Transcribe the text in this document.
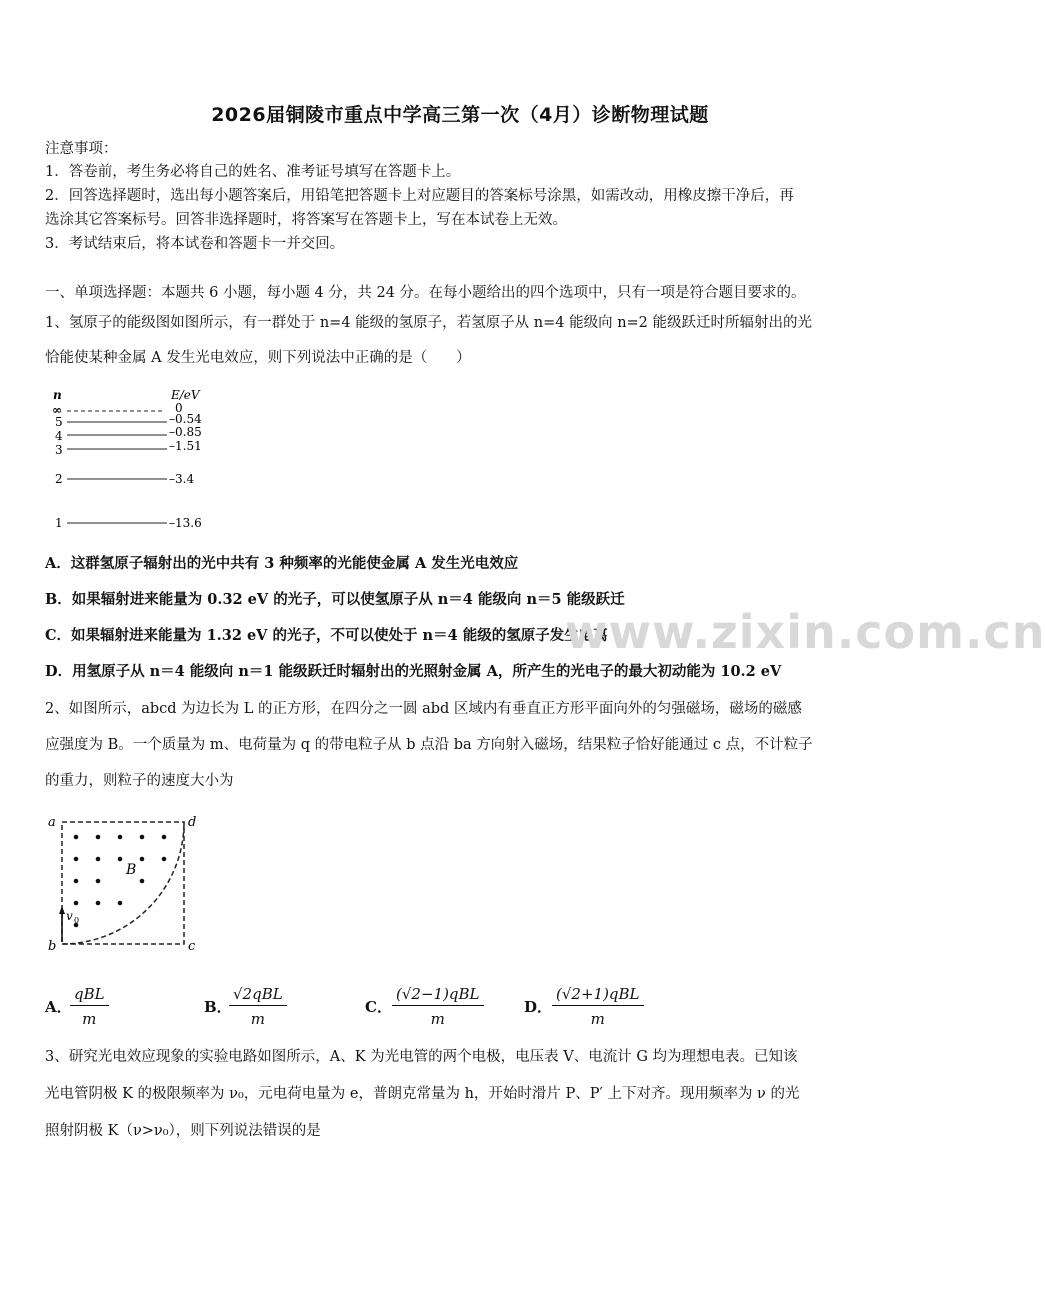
2026届铜陵市重点中学高三第一次（4月）诊断物理试题
注意事项：
1．答卷前，考生务必将自己的姓名、准考证号填写在答题卡上。
2．回答选择题时，选出每小题答案后，用铅笔把答题卡上对应题目的答案标号涂黑，如需改动，用橡皮擦干净后，再
选涂其它答案标号。回答非选择题时，将答案写在答题卡上，写在本试卷上无效。
3．考试结束后，将本试卷和答题卡一并交回。
一、单项选择题：本题共 6 小题，每小题 4 分，共 24 分。在每小题给出的四个选项中，只有一项是符合题目要求的。
1、氢原子的能级图如图所示，有一群处于 n=4 能级的氢原子，若氢原子从 n=4 能级向 n=2 能级跃迁时所辐射出的光
恰能使某种金属 A 发生光电效应，则下列说法中正确的是（　　）
n	E/eV
∞	0
5	–0.54
4	–0.85
3	–1.51
2	–3.4
1	–13.6
A．这群氢原子辐射出的光中共有 3 种频率的光能使金属 A 发生光电效应
B．如果辐射进来能量为 0.32 eV 的光子，可以使氢原子从 n＝4 能级向 n＝5 能级跃迁
C．如果辐射进来能量为 1.32 eV 的光子，不可以使处于 n＝4 能级的氢原子发生电离
D．用氢原子从 n＝4 能级向 n＝1 能级跃迁时辐射出的光照射金属 A，所产生的光电子的最大初动能为 10.2 eV
www.zixin.com.cn
2、如图所示，abcd 为边长为 L 的正方形，在四分之一圆 abd 区域内有垂直正方形平面向外的匀强磁场，磁场的磁感
应强度为 B。一个质量为 m、电荷量为 q 的带电粒子从 b 点沿 ba 方向射入磁场，结果粒子恰好能通过 c 点，不计粒子
的重力，则粒子的速度大小为
v 0
B
a	d
b	c
A．
qBL
m
B．
√2qBL
m
C．
(√2−1)qBL
m
D．
(√2+1)qBL
m
3、研究光电效应现象的实验电路如图所示，A、K 为光电管的两个电极，电压表 V、电流计 G 均为理想电表。已知该
光电管阴极 K 的极限频率为 ν₀，元电荷电量为 e，普朗克常量为 h，开始时滑片 P、P′ 上下对齐。现用频率为 ν 的光
照射阴极 K（ν>ν₀），则下列说法错误的是
